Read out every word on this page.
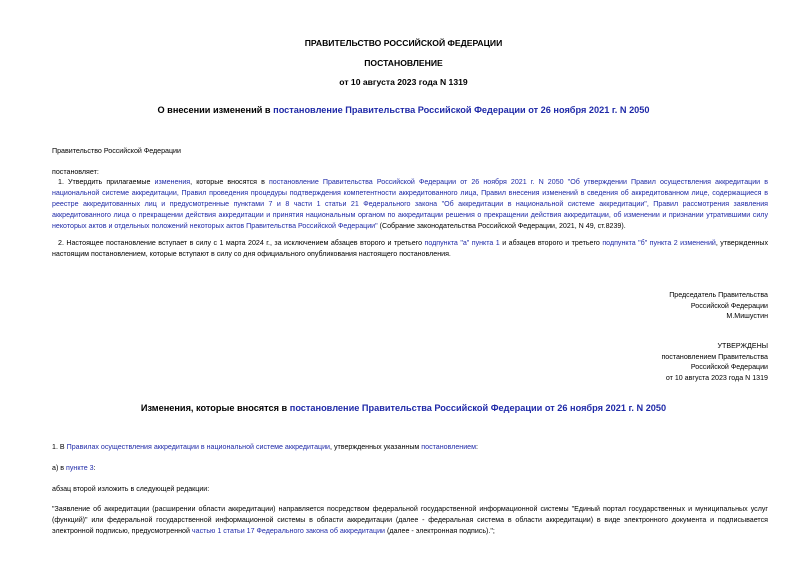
ПРАВИТЕЛЬСТВО РОССИЙСКОЙ ФЕДЕРАЦИИ
ПОСТАНОВЛЕНИЕ
от 10 августа 2023 года N 1319
О внесении изменений в постановление Правительства Российской Федерации от 26 ноября 2021 г. N 2050
Правительство Российской Федерации
постановляет:
1. Утвердить прилагаемые изменения, которые вносятся в постановление Правительства Российской Федерации от 26 ноября 2021 г. N 2050 "Об утверждении Правил осуществления аккредитации в национальной системе аккредитации, Правил проведения процедуры подтверждения компетентности аккредитованного лица, Правил внесения изменений в сведения об аккредитованном лице, содержащиеся в реестре аккредитованных лиц и предусмотренные пунктами 7 и 8 части 1 статьи 21 Федерального закона "Об аккредитации в национальной системе аккредитации", Правил рассмотрения заявления аккредитованного лица о прекращении действия аккредитации и принятия национальным органом по аккредитации решения о прекращении действия аккредитации, об изменении и признании утратившими силу некоторых актов и отдельных положений некоторых актов Правительства Российской Федерации" (Собрание законодательства Российской Федерации, 2021, N 49, ст.8239).
2. Настоящее постановление вступает в силу с 1 марта 2024 г., за исключением абзацев второго и третьего подпункта "а" пункта 1 и абзацев второго и третьего подпункта "б" пункта 2 изменений, утвержденных настоящим постановлением, которые вступают в силу со дня официального опубликования настоящего постановления.
Председатель Правительства
Российской Федерации
М.Мишустин
УТВЕРЖДЕНЫ
постановлением Правительства
Российской Федерации
от 10 августа 2023 года N 1319
Изменения, которые вносятся в постановление Правительства Российской Федерации от 26 ноября 2021 г. N 2050
1. В Правилах осуществления аккредитации в национальной системе аккредитации, утвержденных указанным постановлением:
а) в пункте 3:
абзац второй изложить в следующей редакции:
"Заявление об аккредитации (расширении области аккредитации) направляется посредством федеральной государственной информационной системы "Единый портал государственных и муниципальных услуг (функций)" или федеральной государственной информационной системы в области аккредитации (далее - федеральная система в области аккредитации) в виде электронного документа и подписывается электронной подписью, предусмотренной частью 1 статьи 17 Федерального закона об аккредитации (далее - электронная подпись).";
